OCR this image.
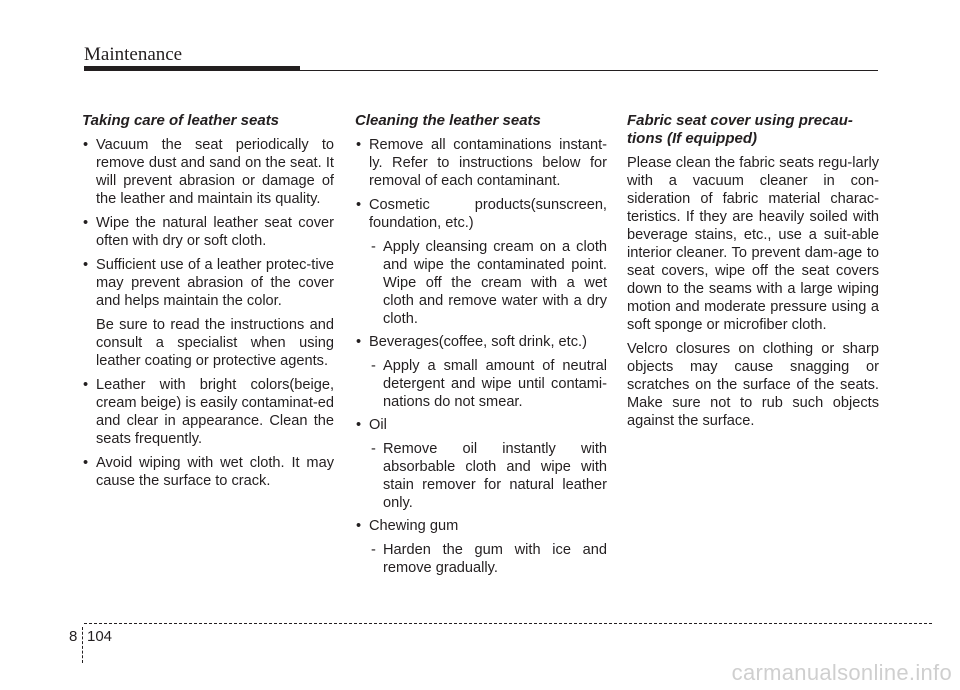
Maintenance
Taking care of leather seats

• Vacuum the seat periodically to remove dust and sand on the seat. It will prevent abrasion or damage of the leather and maintain its quality.

• Wipe the natural leather seat cover often with dry or soft cloth.

• Sufficient use of a leather protec-tive may prevent abrasion of the cover and helps maintain the color.

Be sure to read the instructions and consult a specialist when using leather coating or protective agents.

• Leather with bright colors(beige, cream beige) is easily contaminat-ed and clear in appearance. Clean the seats frequently.

• Avoid wiping with wet cloth. It may cause the surface to crack.

Cleaning the leather seats

• Remove all contaminations instant-ly. Refer to instructions below for removal of each contaminant.

• Cosmetic products(sunscreen, foundation, etc.)

- Apply cleansing cream on a cloth and wipe the contaminated point. Wipe off the cream with a wet cloth and remove water with a dry cloth.

• Beverages(coffee, soft drink, etc.)

- Apply a small amount of neutral detergent and wipe until contami-nations do not smear.

• Oil

- Remove oil instantly with absorbable cloth and wipe with stain remover for natural leather only.

• Chewing gum

- Harden the gum with ice and remove gradually.

Fabric seat cover using precau-tions (If equipped)

Please clean the fabric seats regu-larly with a vacuum cleaner in con-sideration of fabric material charac-teristics. If they are heavily soiled with beverage stains, etc., use a suit-able interior cleaner. To prevent dam-age to seat covers, wipe off the seat covers down to the seams with a large wiping motion and moderate pressure using a soft sponge or microfiber cloth.

Velcro closures on clothing or sharp objects may cause snagging or scratches on the surface of the seats. Make sure not to rub such objects against the surface.

8 104
carmanualsonline.info
